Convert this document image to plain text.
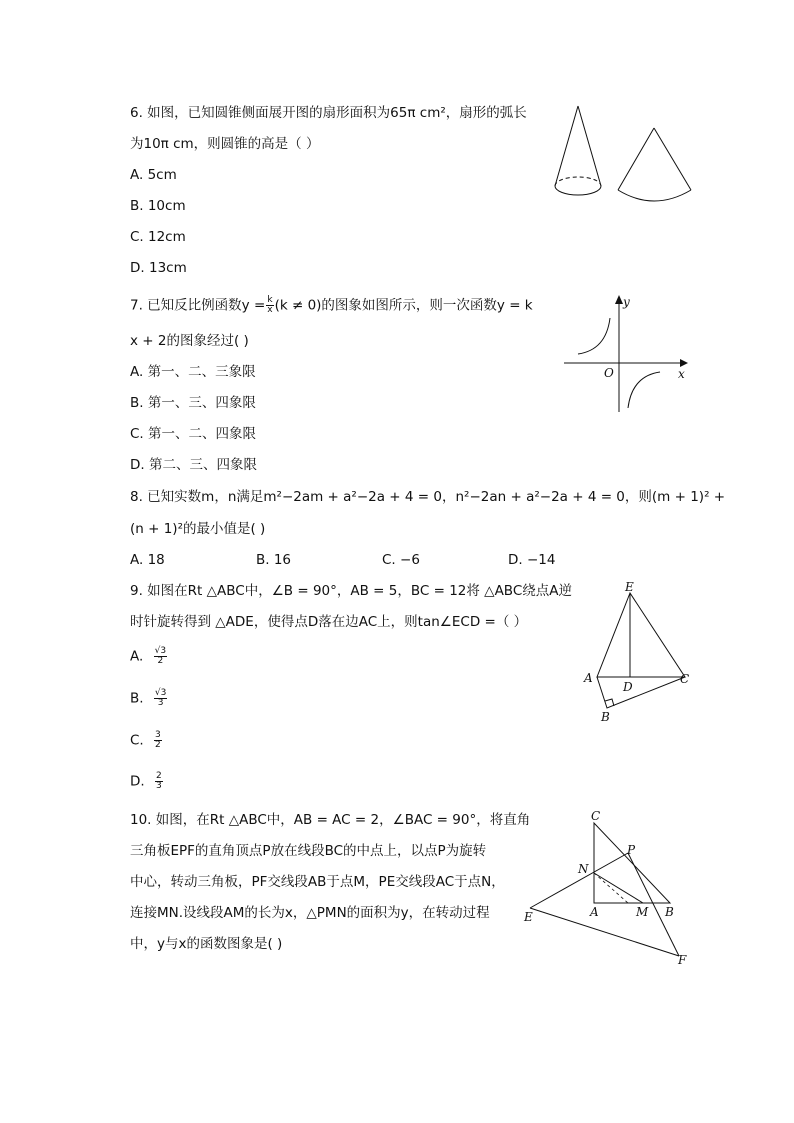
6. 如图，已知圆锥侧面展开图的扇形面积为65π cm²，扇形的弧长
为10π cm，则圆锥的高是（ ）
A. 5cm
B. 10cm
C. 12cm
D. 13cm
7. 已知反比例函数$y = \frac{k}{x} (k \ne 0)$的图象如图所示，则一次函数y = k
x + 2的图象经过( )
A. 第一、二、三象限
B. 第一、三、四象限
C. 第一、二、四象限
D. 第二、三、四象限
y
x
O
8. 已知实数m，n满足m²−2am + a²−2a + 4 = 0，n²−2an + a²−2a + 4 = 0，则(m + 1)² +
(n + 1)²的最小值是( )
A. 18	B. 16	C. −6	D. −14
9. 如图在Rt △ABC中，∠B = 90°，AB = 5，BC = 12将 △ABC绕点A逆
时针旋转得到 △ADE，使得点D落在边AC上，则tan∠ECD =（ ）
A. $\frac{√3}{2}$
B. $\frac{√3}{3}$
C. $\frac{3}{2}$
D. $\frac{2}{3}$
E
A
D
C
B
10. 如图，在Rt △ABC中，AB = AC = 2，∠BAC = 90°，将直角
三角板EPF的直角顶点P放在线段BC的中点上，以点P为旋转
中心，转动三角板，PF交线段AB于点M，PE交线段AC于点N，
连接MN.设线段AM的长为x，△PMN的面积为y，在转动过程
中，y与x的函数图象是( )
C
P
N
E	A	M B
F
